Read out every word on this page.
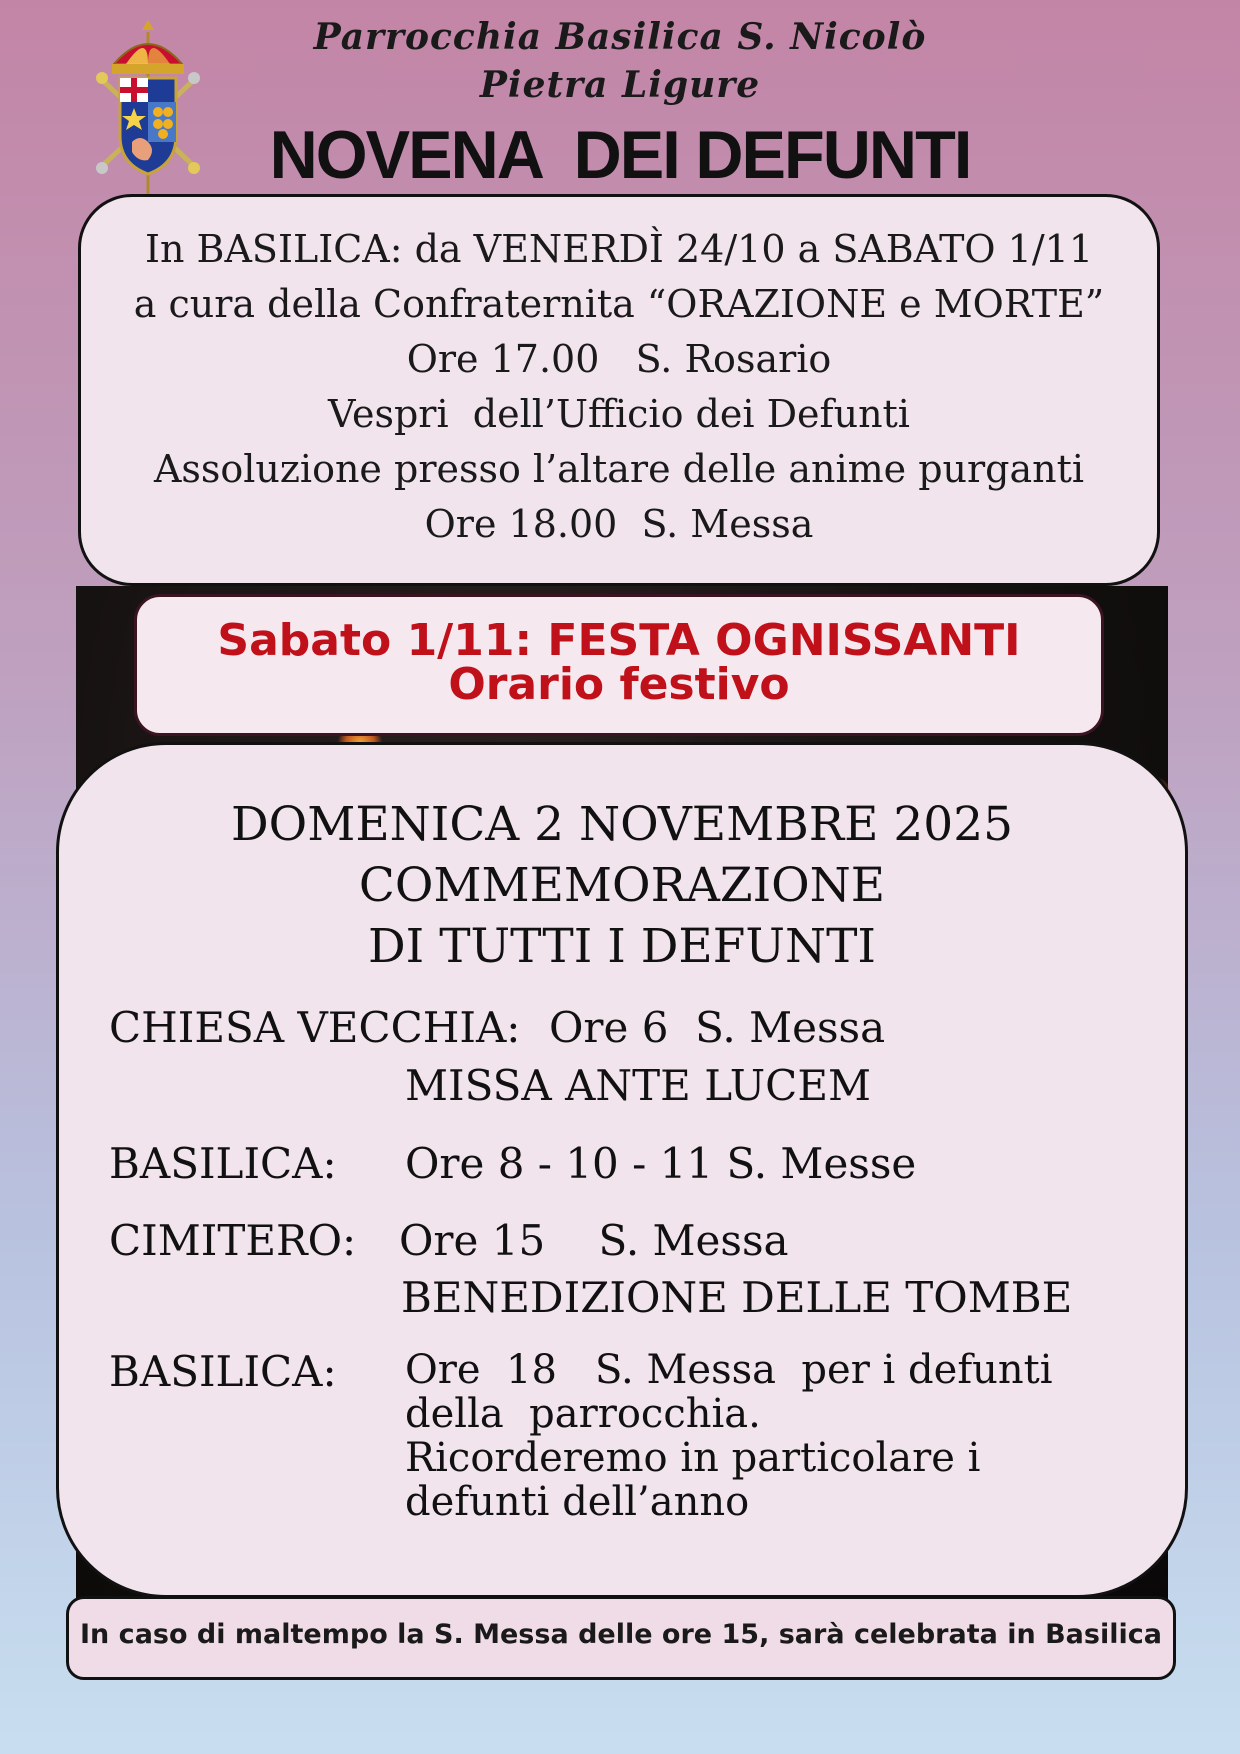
Parrocchia Basilica S. Nicolò
Pietra Ligure
NOVENA  DEI DEFUNTI
In BASILICA: da VENERDÌ 24/10 a SABATO 1/11
a cura della Confraternita “ORAZIONE e MORTE”
Ore 17.00   S. Rosario
Vespri  dell’Ufficio dei Defunti
Assoluzione presso l’altare delle anime purganti
Ore 18.00  S. Messa
Sabato 1/11: FESTA OGNISSANTI
Orario festivo
DOMENICA 2 NOVEMBRE 2025
COMMEMORAZIONE
DI TUTTI I DEFUNTI
CHIESA VECCHIA: Ore 6  S. Messa
MISSA ANTE LUCEM
BASILICA: Ore 8 - 10 - 11 S. Messe
CIMITERO: Ore 15    S. Messa
BENEDIZIONE DELLE TOMBE
BASILICA: Ore  18   S. Messa  per i defunti
della  parrocchia.
Ricorderemo in particolare i
defunti dell’anno
In caso di maltempo la S. Messa delle ore 15, sarà celebrata in Basilica
